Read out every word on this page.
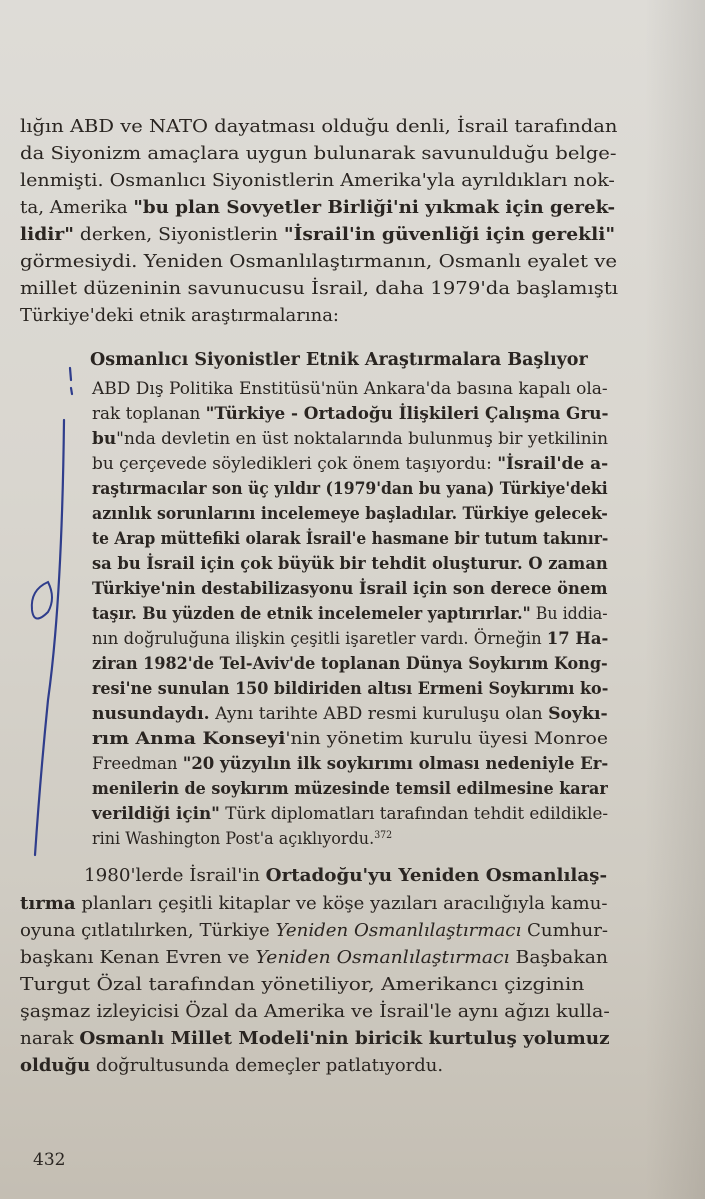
lığın ABD ve NATO dayatması olduğu denli, İsrail tarafından
da Siyonizm amaçlara uygun bulunarak savunulduğu belge-
lenmişti. Osmanlıcı Siyonistlerin Amerika'yla ayrıldıkları nok-
ta, Amerika "bu plan Sovyetler Birliği'ni yıkmak için gerek-
lidir" derken, Siyonistlerin "İsrail'in güvenliği için gerekli"
görmesiydi. Yeniden Osmanlılaştırmanın, Osmanlı eyalet ve
millet düzeninin savunucusu İsrail, daha 1979'da başlamıştı
Türkiye'deki etnik araştırmalarına:
Osmanlıcı Siyonistler Etnik Araştırmalara Başlıyor
ABD Dış Politika Enstitüsü'nün Ankara'da basına kapalı ola-
rak toplanan "Türkiye - Ortadoğu İlişkileri Çalışma Gru-
bu"nda devletin en üst noktalarında bulunmuş bir yetkilinin
bu çerçevede söyledikleri çok önem taşıyordu: "İsrail'de a-
raştırmacılar son üç yıldır (1979'dan bu yana) Türkiye'deki
azınlık sorunlarını incelemeye başladılar. Türkiye gelecek-
te Arap müttefiki olarak İsrail'e hasmane bir tutum takınır-
sa bu İsrail için çok büyük bir tehdit oluşturur. O zaman
Türkiye'nin destabilizasyonu İsrail için son derece önem
taşır. Bu yüzden de etnik incelemeler yaptırırlar." Bu iddia-
nın doğruluğuna ilişkin çeşitli işaretler vardı. Örneğin 17 Ha-
ziran 1982'de Tel-Aviv'de toplanan Dünya Soykırım Kong-
resi'ne sunulan 150 bildiriden altısı Ermeni Soykırımı ko-
nusundaydı. Aynı tarihte ABD resmi kuruluşu olan Soykı-
rım Anma Konseyi'nin yönetim kurulu üyesi Monroe
Freedman "20 yüzyılın ilk soykırımı olması nedeniyle Er-
menilerin de soykırım müzesinde temsil edilmesine karar
verildiği için" Türk diplomatları tarafından tehdit edildikle-
rini Washington Post'a açıklıyordu.$^{372}$
1980'lerde İsrail'in Ortadoğu'yu Yeniden Osmanlılaş-
tırma planları çeşitli kitaplar ve köşe yazıları aracılığıyla kamu-
oyuna çıtlatılırken, Türkiye Yeniden Osmanlılaştırmacı Cumhur-
başkanı Kenan Evren ve Yeniden Osmanlılaştırmacı Başbakan
Turgut Özal tarafından yönetiliyor, Amerikancı çizginin
şaşmaz izleyicisi Özal da Amerika ve İsrail'le aynı ağızı kulla-
narak Osmanlı Millet Modeli'nin biricik kurtuluş yolumuz
olduğu doğrultusunda demeçler patlatıyordu.
432
